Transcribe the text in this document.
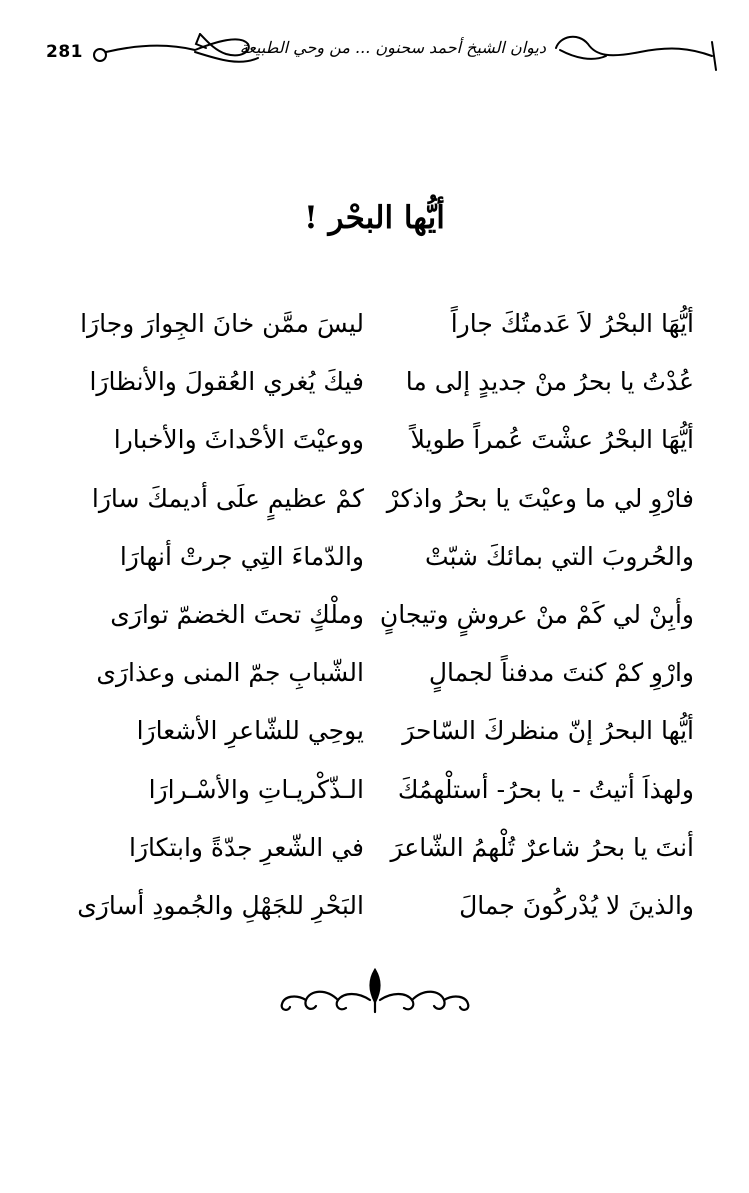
281	ديوان الشيخ أحمد سحنون ... من وحي الطبيعة
أيُّها البحْر !
أيُّهَا البحْرُ لاَ عَدمتُكَ جاراً
ليسَ ممَّن خانَ الجِوارَ وجارَا
عُدْتُ يا بحرُ منْ جديدٍ إلى ما
فيكَ يُغري العُقولَ والأنظارَا
أيُّهَا البحْرُ عشْتَ عُمراً طويلاً
ووعيْتَ الأحْداثَ والأخبارا
فارْوِ لي ما وعيْتَ يا بحرُ واذكرْ
كمْ عظيمٍ علَى أديمكَ سارَا
والحُروبَ التي بمائكَ شبّتْ
والدّماءَ التِي جرتْ أنهارَا
وأبِنْ لي كَمْ منْ عروشٍ وتيجانٍ
وملْكٍ تحتَ الخضمّ توارَى
وارْوِ كمْ كنتَ مدفناً لجمالٍ
الشّبابِ جمّ المنى وعذارَى
أيُّها البحرُ إنّ منظركَ السّاحرَ
يوحِي للشّاعرِ الأشعارَا
ولهذاَ أتيتُ - يا بحرُ- أستلْهمُكَ
الـذّكْريـاتِ والأسْـرارَا
أنتَ يا بحرُ شاعرٌ تُلْهمُ الشّاعرَ
في الشّعرِ جدّةً وابتكارَا
والذينَ لا يُدْركُونَ جمالَ
البَحْرِ للجَهْلِ والجُمودِ أسارَى
